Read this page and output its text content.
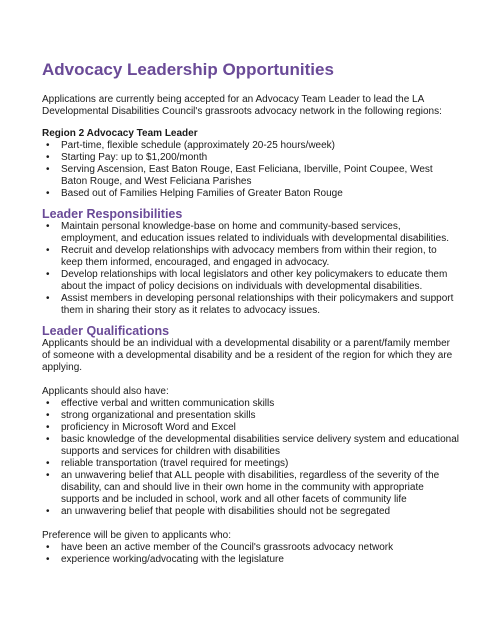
Advocacy Leadership Opportunities

Applications are currently being accepted for an Advocacy Team Leader to lead the LA Developmental Disabilities Council's grassroots advocacy network in the following regions:

Region 2 Advocacy Team Leader

• Part-time, flexible schedule (approximately 20-25 hours/week)
• Starting Pay: up to $1,200/month
• Serving Ascension, East Baton Rouge, East Feliciana, Iberville, Point Coupee, West Baton Rouge, and West Feliciana Parishes
• Based out of Families Helping Families of Greater Baton Rouge
Leader Responsibilities
• Maintain personal knowledge-base on home and community-based services, employment, and education issues related to individuals with developmental disabilities.
• Recruit and develop relationships with advocacy members from within their region, to keep them informed, encouraged, and engaged in advocacy.
• Develop relationships with local legislators and other key policymakers to educate them about the impact of policy decisions on individuals with developmental disabilities.
• Assist members in developing personal relationships with their policymakers and support them in sharing their story as it relates to advocacy issues.
Leader Qualifications

Applicants should be an individual with a developmental disability or a parent/family member of someone with a developmental disability and be a resident of the region for which they are applying.

Applicants should also have:

• effective verbal and written communication skills
• strong organizational and presentation skills
• proficiency in Microsoft Word and Excel
• basic knowledge of the developmental disabilities service delivery system and educational supports and services for children with disabilities
• reliable transportation (travel required for meetings)
• an unwavering belief that ALL people with disabilities, regardless of the severity of the disability, can and should live in their own home in the community with appropriate supports and be included in school, work and all other facets of community life
• an unwavering belief that people with disabilities should not be segregated

Preference will be given to applicants who:

• have been an active member of the Council's grassroots advocacy network
• experience working/advocating with the legislature
